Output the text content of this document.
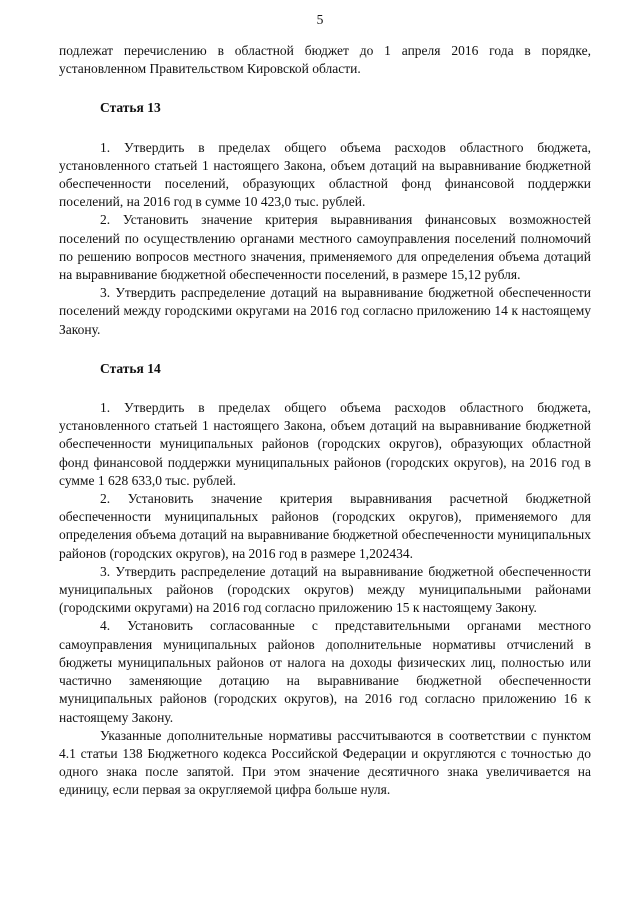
5

подлежат перечислению в областной бюджет до 1 апреля 2016 года в порядке, установленном Правительством Кировской области.

Статья 13

1. Утвердить в пределах общего объема расходов областного бюджета, установленного статьей 1 настоящего Закона, объем дотаций на выравнивание бюджетной обеспеченности поселений, образующих областной фонд финансовой поддержки поселений, на 2016 год в сумме 10 423,0 тыс. рублей.

2. Установить значение критерия выравнивания финансовых возможностей поселений по осуществлению органами местного самоуправления поселений полномочий по решению вопросов местного значения, применяемого для определения объема дотаций на выравнивание бюджетной обеспеченности поселений, в размере 15,12 рубля.

3. Утвердить распределение дотаций на выравнивание бюджетной обеспеченности поселений между городскими округами на 2016 год согласно приложению 14 к настоящему Закону.

Статья 14

1. Утвердить в пределах общего объема расходов областного бюджета, установленного статьей 1 настоящего Закона, объем дотаций на выравнивание бюджетной обеспеченности муниципальных районов (городских округов), образующих областной фонд финансовой поддержки муниципальных районов (городских округов), на 2016 год в сумме 1 628 633,0 тыс. рублей.

2. Установить значение критерия выравнивания расчетной бюджетной обеспеченности муниципальных районов (городских округов), применяемого для определения объема дотаций на выравнивание бюджетной обеспеченности муниципальных районов (городских округов), на 2016 год в размере 1,202434.

3. Утвердить распределение дотаций на выравнивание бюджетной обеспеченности муниципальных районов (городских округов) между муниципальными районами (городскими округами) на 2016 год согласно приложению 15 к настоящему Закону.

4. Установить согласованные с представительными органами местного самоуправления муниципальных районов дополнительные нормативы отчислений в бюджеты муниципальных районов от налога на доходы физических лиц, полностью или частично заменяющие дотацию на выравнивание бюджетной обеспеченности муниципальных районов (городских округов), на 2016 год согласно приложению 16 к настоящему Закону.

Указанные дополнительные нормативы рассчитываются в соответствии с пунктом 4.1 статьи 138 Бюджетного кодекса Российской Федерации и округляются с точностью до одного знака после запятой. При этом значение десятичного знака увеличивается на единицу, если первая за округляемой цифра больше нуля.
